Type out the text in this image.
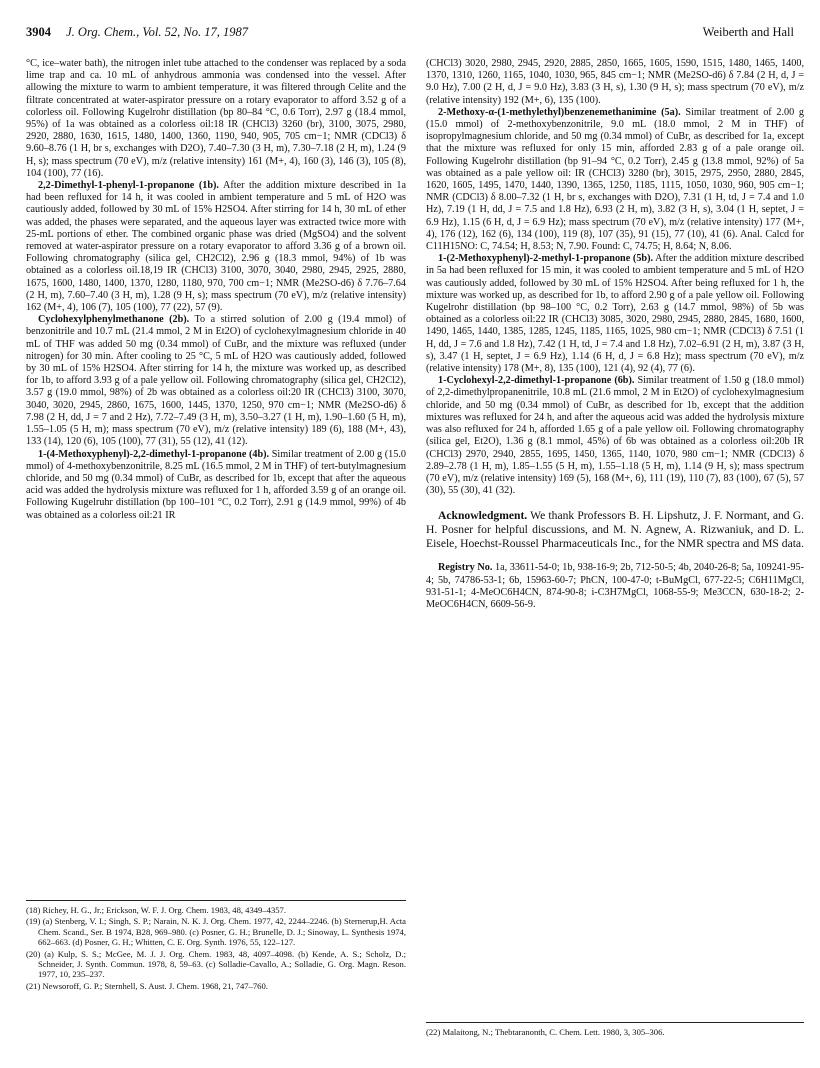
3904 J. Org. Chem., Vol. 52, No. 17, 1987	Weiberth and Hall

°C, ice–water bath), the nitrogen inlet tube attached to the condenser was replaced by a soda lime trap and ca. 10 mL of anhydrous ammonia was condensed into the vessel. After allowing the mixture to warm to ambient temperature, it was filtered through Celite and the filtrate concentrated at water-aspirator pressure on a rotary evaporator to afford 3.52 g of a colorless oil. Following Kugelrohr distillation (bp 80–84 °C, 0.6 Torr), 2.97 g (18.4 mmol, 95%) of 1a was obtained as a colorless oil:18 IR (CHCl3) 3260 (br), 3100, 3075, 2980, 2920, 2880, 1630, 1615, 1480, 1400, 1360, 1190, 940, 905, 705 cm−1; NMR (CDCl3) δ 9.60–8.76 (1 H, br s, exchanges with D2O), 7.40–7.30 (3 H, m), 7.30–7.18 (2 H, m), 1.24 (9 H, s); mass spectrum (70 eV), m/z (relative intensity) 161 (M+, 4), 160 (3), 146 (3), 105 (8), 104 (100), 77 (16).

2,2-Dimethyl-1-phenyl-1-propanone (1b). After the addition mixture described in 1a had been refluxed for 14 h, it was cooled in ambient temperature and 5 mL of H2O was cautiously added, followed by 30 mL of 15% H2SO4. After stirring for 14 h, 30 mL of ether was added, the phases were separated, and the aqueous layer was extracted twice more with 25-mL portions of ether. The combined organic phase was dried (MgSO4) and the solvent removed at water-aspirator pressure on a rotary evaporator to afford 3.36 g of a brown oil. Following chromatography (silica gel, CH2Cl2), 2.96 g (18.3 mmol, 94%) of 1b was obtained as a colorless oil.18,19 IR (CHCl3) 3100, 3070, 3040, 2980, 2945, 2925, 2880, 1675, 1600, 1480, 1400, 1370, 1280, 1180, 970, 700 cm−1; NMR (Me2SO-d6) δ 7.76–7.64 (2 H, m), 7.60–7.40 (3 H, m), 1.28 (9 H, s); mass spectrum (70 eV), m/z (relative intensity) 162 (M+, 4), 106 (7), 105 (100), 77 (22), 57 (9).

Cyclohexylphenylmethanone (2b). To a stirred solution of 2.00 g (19.4 mmol) of benzonitrile and 10.7 mL (21.4 mmol, 2 M in Et2O) of cyclohexylmagnesium chloride in 40 mL of THF was added 50 mg (0.34 mmol) of CuBr, and the mixture was refluxed (under nitrogen) for 30 min. After cooling to 25 °C, 5 mL of H2O was cautiously added, followed by 30 mL of 15% H2SO4. After stirring for 14 h, the mixture was worked up, as described for 1b, to afford 3.93 g of a pale yellow oil. Following chromatography (silica gel, CH2Cl2), 3.57 g (19.0 mmol, 98%) of 2b was obtained as a colorless oil:20 IR (CHCl3) 3100, 3070, 3040, 3020, 2945, 2860, 1675, 1600, 1445, 1370, 1250, 970 cm−1; NMR (Me2SO-d6) δ 7.98 (2 H, dd, J = 7 and 2 Hz), 7.72–7.49 (3 H, m), 3.50–3.27 (1 H, m), 1.90–1.60 (5 H, m), 1.55–1.05 (5 H, m); mass spectrum (70 eV), m/z (relative intensity) 189 (6), 188 (M+, 43), 133 (14), 120 (6), 105 (100), 77 (31), 55 (12), 41 (12).

1-(4-Methoxyphenyl)-2,2-dimethyl-1-propanone (4b). Similar treatment of 2.00 g (15.0 mmol) of 4-methoxybenzonitrile, 8.25 mL (16.5 mmol, 2 M in THF) of tert-butylmagnesium chloride, and 50 mg (0.34 mmol) of CuBr, as described for 1b, except that after the aqueous acid was added the hydrolysis mixture was refluxed for 1 h, afforded 3.59 g of an orange oil. Following Kugelruhr distillation (bp 100–101 °C, 0.2 Torr), 2.91 g (14.9 mmol, 99%) of 4b was obtained as a colorless oil:21 IR

(CHCl3) 3020, 2980, 2945, 2920, 2885, 2850, 1665, 1605, 1590, 1515, 1480, 1465, 1400, 1370, 1310, 1260, 1165, 1040, 1030, 965, 845 cm−1; NMR (Me2SO-d6) δ 7.84 (2 H, d, J = 9.0 Hz), 7.00 (2 H, d, J = 9.0 Hz), 3.83 (3 H, s), 1.30 (9 H, s); mass spectrum (70 eV), m/z (relative intensity) 192 (M+, 6), 135 (100).

2-Methoxy-α-(1-methylethyl)benzenemethanimine (5a). Similar treatment of 2.00 g (15.0 mmol) of 2-methoxybenzonitrile, 9.0 mL (18.0 mmol, 2 M in THF) of isopropylmagnesium chloride, and 50 mg (0.34 mmol) of CuBr, as described for 1a, except that the mixture was refluxed for only 15 min, afforded 2.83 g of a pale orange oil. Following Kugelrohr distillation (bp 91–94 °C, 0.2 Torr), 2.45 g (13.8 mmol, 92%) of 5a was obtained as a pale yellow oil: IR (CHCl3) 3280 (br), 3015, 2975, 2950, 2880, 2845, 1620, 1605, 1495, 1470, 1440, 1390, 1365, 1250, 1185, 1115, 1050, 1030, 960, 905 cm−1; NMR (CDCl3) δ 8.00–7.32 (1 H, br s, exchanges with D2O), 7.31 (1 H, td, J = 7.4 and 1.0 Hz), 7.19 (1 H, dd, J = 7.5 and 1.8 Hz), 6.93 (2 H, m), 3.82 (3 H, s), 3.04 (1 H, septet, J = 6.9 Hz), 1.15 (6 H, d, J = 6.9 Hz); mass spectrum (70 eV), m/z (relative intensity) 177 (M+, 4), 176 (12), 162 (6), 134 (100), 119 (8), 107 (35), 91 (15), 77 (10), 41 (6). Anal. Calcd for C11H15NO: C, 74.54; H, 8.53; N, 7.90. Found: C, 74.75; H, 8.64; N, 8.06.

1-(2-Methoxyphenyl)-2-methyl-1-propanone (5b). After the addition mixture described in 5a had been refluxed for 15 min, it was cooled to ambient temperature and 5 mL of H2O was cautiously added, followed by 30 mL of 15% H2SO4. After being refluxed for 1 h, the mixture was worked up, as described for 1b, to afford 2.90 g of a pale yellow oil. Following Kugelrohr distillation (bp 98–100 °C, 0.2 Torr), 2.63 g (14.7 mmol, 98%) of 5b was obtained as a colorless oil:22 IR (CHCl3) 3085, 3020, 2980, 2945, 2880, 2845, 1680, 1600, 1490, 1465, 1440, 1385, 1285, 1245, 1185, 1165, 1025, 980 cm−1; NMR (CDCl3) δ 7.51 (1 H, dd, J = 7.6 and 1.8 Hz), 7.42 (1 H, td, J = 7.4 and 1.8 Hz), 7.02–6.91 (2 H, m), 3.87 (3 H, s), 3.47 (1 H, septet, J = 6.9 Hz), 1.14 (6 H, d, J = 6.8 Hz); mass spectrum (70 eV), m/z (relative intensity) 178 (M+, 8), 135 (100), 121 (4), 92 (4), 77 (6).

1-Cyclohexyl-2,2-dimethyl-1-propanone (6b). Similar treatment of 1.50 g (18.0 mmol) of 2,2-dimethylpropanenitrile, 10.8 mL (21.6 mmol, 2 M in Et2O) of cyclohexylmagnesium chloride, and 50 mg (0.34 mmol) of CuBr, as described for 1b, except that the addition mixtures was refluxed for 24 h, and after the aqueous acid was added the hydrolysis mixture was also refluxed for 24 h, afforded 1.65 g of a pale yellow oil. Following chromatography (silica gel, Et2O), 1.36 g (8.1 mmol, 45%) of 6b was obtained as a colorless oil:20b IR (CHCl3) 2970, 2940, 2855, 1695, 1450, 1365, 1140, 1070, 980 cm−1; NMR (CDCl3) δ 2.89–2.78 (1 H, m), 1.85–1.55 (5 H, m), 1.55–1.18 (5 H, m), 1.14 (9 H, s); mass spectrum (70 eV), m/z (relative intensity) 169 (5), 168 (M+, 6), 111 (19), 110 (7), 83 (100), 67 (5), 57 (30), 55 (30), 41 (32).

Acknowledgment. We thank Professors B. H. Lipshutz, J. F. Normant, and G. H. Posner for helpful discussions, and M. N. Agnew, A. Rizwaniuk, and D. L. Eisele, Hoechst-Roussel Pharmaceuticals Inc., for the NMR spectra and MS data.

Registry No. 1a, 33611-54-0; 1b, 938-16-9; 2b, 712-50-5; 4b, 2040-26-8; 5a, 109241-95-4; 5b, 74786-53-1; 6b, 15963-60-7; PhCN, 100-47-0; t-BuMgCl, 677-22-5; C6H11MgCl, 931-51-1; 4-MeOC6H4CN, 874-90-8; i-C3H7MgCl, 1068-55-9; Me3CCN, 630-18-2; 2-MeOC6H4CN, 6609-56-9.

(18) Richey, H. G., Jr.; Erickson, W. F. J. Org. Chem. 1983, 48, 4349–4357.

(19) (a) Stenberg, V. I.; Singh, S. P.; Narain, N. K. J. Org. Chem. 1977, 42, 2244–2246. (b) Sternerup,H. Acta Chem. Scand., Ser. B 1974, B28, 969–980. (c) Posner, G. H.; Brunelle, D. J.; Sinoway, L. Synthesis 1974, 662–663. (d) Posner, G. H.; Whitten, C. E. Org. Synth. 1976, 55, 122–127.

(20) (a) Kulp, S. S.; McGee, M. J. J. Org. Chem. 1983, 48, 4097–4098. (b) Kende, A. S.; Scholz, D.; Schneider, J. Synth. Commun. 1978, 8, 59–63. (c) Solladie-Cavallo, A.; Solladie, G. Org. Magn. Reson. 1977, 10, 235–237.

(21) Newsoroff, G. P.; Sternhell, S. Aust. J. Chem. 1968, 21, 747–760.

(22) Malaitong, N.; Thebtaranonth, C. Chem. Lett. 1980, 3, 305–306.
